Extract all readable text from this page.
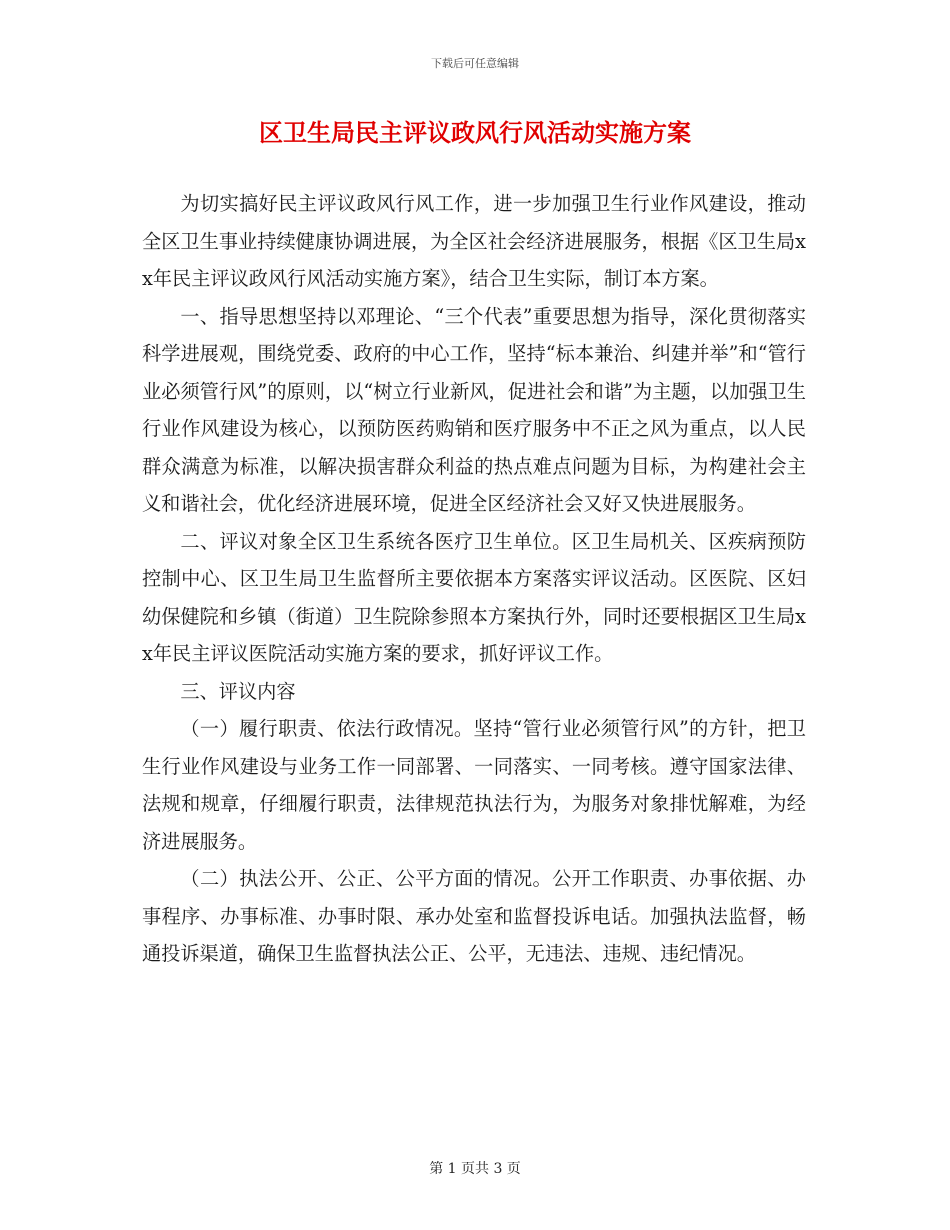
下载后可任意编辑
区卫生局民主评议政风行风活动实施方案

为切实搞好民主评议政风行风工作，进一步加强卫生行业作风建设，推动全区卫生事业持续健康协调进展，为全区社会经济进展服务，根据《区卫生局xx年民主评议政风行风活动实施方案》，结合卫生实际，制订本方案。

一、指导思想坚持以邓理论、“三个代表”重要思想为指导，深化贯彻落实科学进展观，围绕党委、政府的中心工作，坚持“标本兼治、纠建并举”和“管行业必须管行风”的原则，以“树立行业新风，促进社会和谐”为主题，以加强卫生行业作风建设为核心，以预防医药购销和医疗服务中不正之风为重点，以人民群众满意为标准，以解决损害群众利益的热点难点问题为目标，为构建社会主义和谐社会，优化经济进展环境，促进全区经济社会又好又快进展服务。

二、评议对象全区卫生系统各医疗卫生单位。区卫生局机关、区疾病预防控制中心、区卫生局卫生监督所主要依据本方案落实评议活动。区医院、区妇幼保健院和乡镇（街道）卫生院除参照本方案执行外，同时还要根据区卫生局xx年民主评议医院活动实施方案的要求，抓好评议工作。

三、评议内容

（一）履行职责、依法行政情况。坚持“管行业必须管行风”的方针，把卫生行业作风建设与业务工作一同部署、一同落实、一同考核。遵守国家法律、法规和规章，仔细履行职责，法律规范执法行为，为服务对象排忧解难，为经济进展服务。

（二）执法公开、公正、公平方面的情况。公开工作职责、办事依据、办事程序、办事标准、办事时限、承办处室和监督投诉电话。加强执法监督，畅通投诉渠道，确保卫生监督执法公正、公平，无违法、违规、违纪情况。

第 1 页共 3 页
